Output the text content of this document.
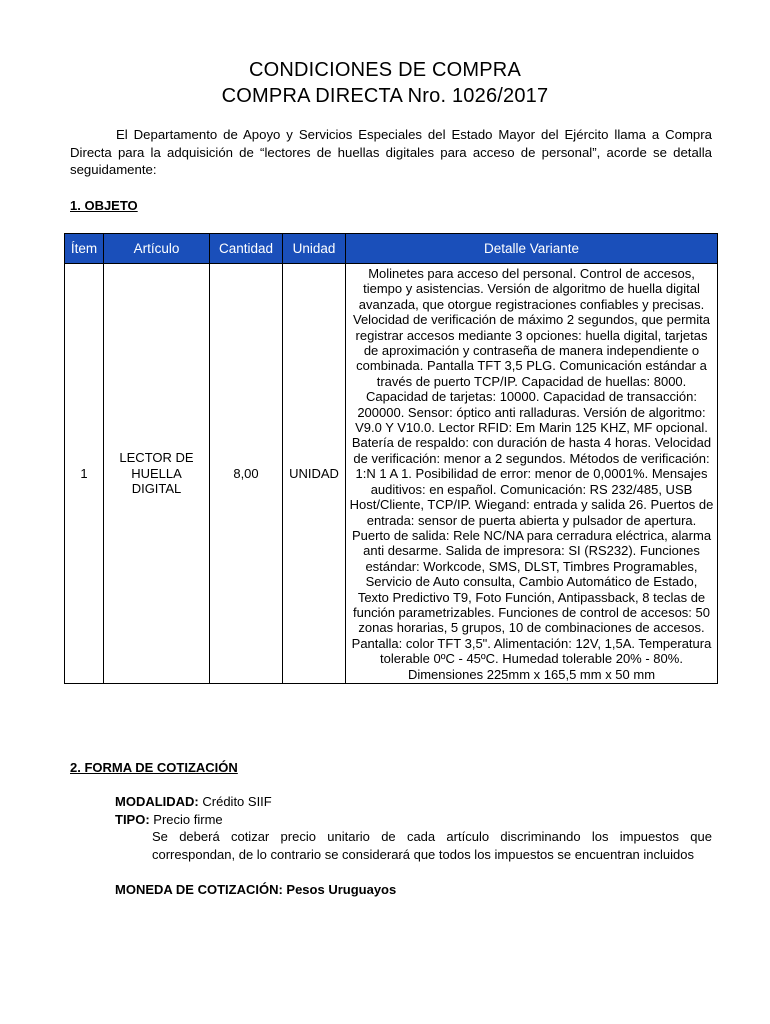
CONDICIONES DE COMPRA
COMPRA DIRECTA Nro. 1026/2017

El Departamento de Apoyo y Servicios Especiales del Estado Mayor del Ejército llama a Compra Directa para la adquisición de “lectores de huellas digitales para acceso de personal”, acorde se detalla seguidamente:

1. OBJETO
Ítem	Artículo	Cantidad	Unidad	Detalle Variante
1	LECTOR DE HUELLA DIGITAL	8,00	UNIDAD	Molinetes para acceso del personal. Control de accesos, tiempo y asistencias. Versión de algoritmo de huella digital avanzada, que otorgue registraciones confiables y precisas. Velocidad de verificación de máximo 2 segundos, que permita registrar accesos mediante 3 opciones: huella digital, tarjetas de aproximación y contraseña de manera independiente o combinada. Pantalla TFT 3,5 PLG. Comunicación estándar a través de puerto TCP/IP. Capacidad de huellas: 8000. Capacidad de tarjetas: 10000. Capacidad de transacción: 200000. Sensor: óptico anti ralladuras. Versión de algoritmo: V9.0 Y V10.0. Lector RFID: Em Marin 125 KHZ, MF opcional. Batería de respaldo: con duración de hasta 4 horas. Velocidad de verificación: menor a 2 segundos. Métodos de verificación: 1:N 1 A 1. Posibilidad de error: menor de 0,0001%. Mensajes auditivos: en español. Comunicación: RS 232/485, USB Host/Cliente, TCP/IP. Wiegand: entrada y salida 26. Puertos de entrada: sensor de puerta abierta y pulsador de apertura. Puerto de salida: Rele NC/NA para cerradura eléctrica, alarma anti desarme. Salida de impresora: SI (RS232). Funciones estándar: Workcode, SMS, DLST, Timbres Programables, Servicio de Auto consulta, Cambio Automático de Estado, Texto Predictivo T9, Foto Función, Antipassback, 8 teclas de función parametrizables. Funciones de control de accesos: 50 zonas horarias, 5 grupos, 10 de combinaciones de accesos. Pantalla: color TFT 3,5". Alimentación: 12V, 1,5A. Temperatura tolerable 0ºC - 45ºC. Humedad tolerable 20% - 80%. Dimensiones 225mm x 165,5 mm x 50 mm
2. FORMA DE COTIZACIÓN
MODALIDAD: Crédito SIIF
TIPO: Precio firme
Se deberá cotizar precio unitario de cada artículo discriminando los impuestos que correspondan, de lo contrario se considerará que todos los impuestos se encuentran incluidos
MONEDA DE COTIZACIÓN: Pesos Uruguayos
